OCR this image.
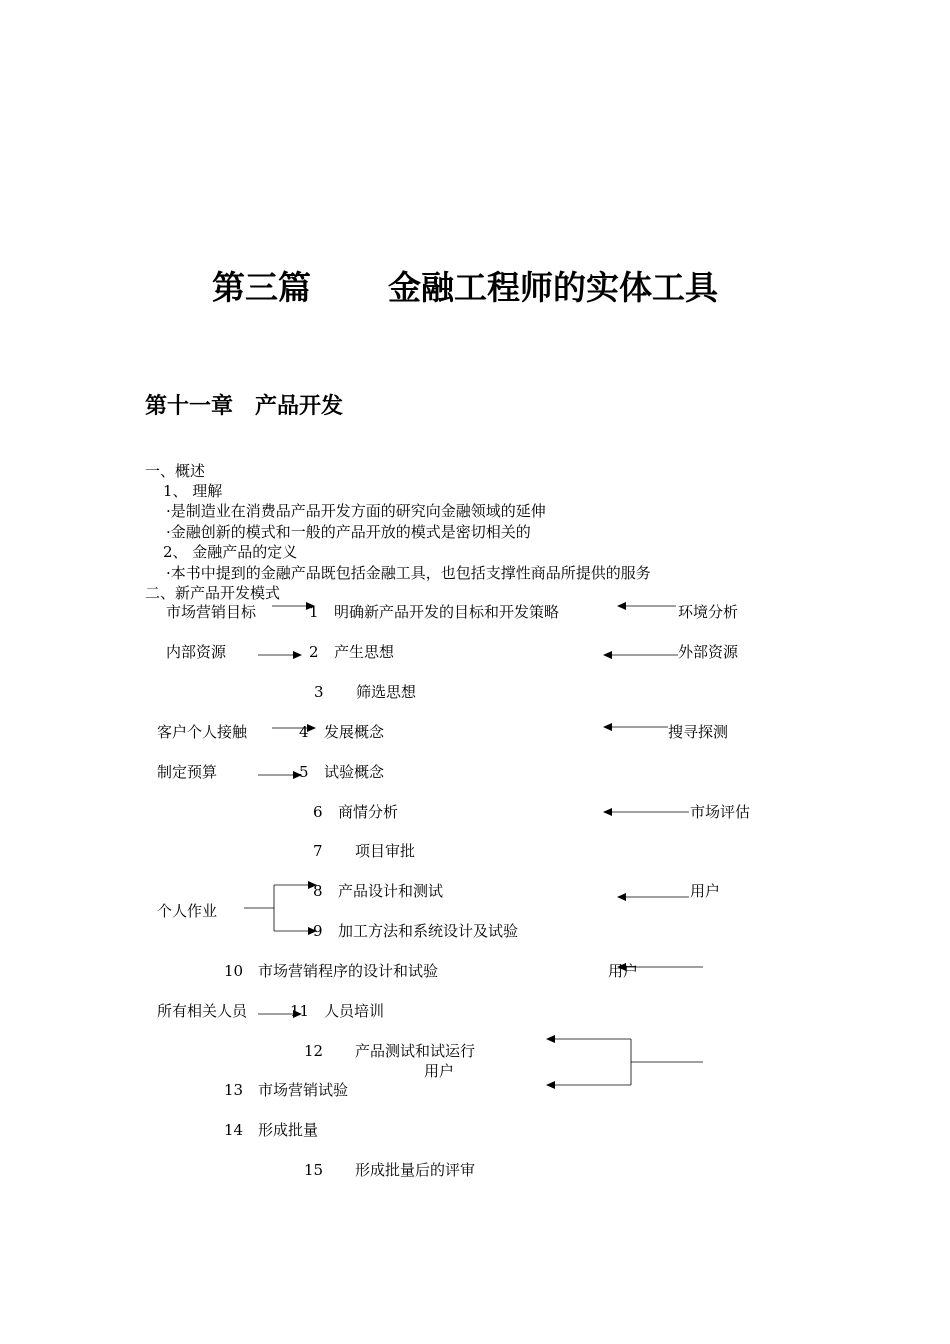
第三篇 金融工程师的实体工具
第十一章　产品开发
一、概述
1、 理解
·是制造业在消费品产品开发方面的研究向金融领域的延伸
·金融创新的模式和一般的产品开放的模式是密切相关的
2、 金融产品的定义
·本书中提到的金融产品既包括金融工具，也包括支撑性商品所提供的服务
二、新产品开发模式
市场营销目标
内部资源
客户个人接触
制定预算
个人作业
所有相关人员
环境分析
外部资源
搜寻探测
市场评估
用户
用户
用户
1 明确新产品开发的目标和开发策略
2 产生思想
3 筛选思想
4 发展概念
5 试验概念
6 商情分析
7 项目审批
8 产品设计和测试
9 加工方法和系统设计及试验
10 市场营销程序的设计和试验
11 人员培训
12 产品测试和试运行
13 市场营销试验
14 形成批量
15 形成批量后的评审
